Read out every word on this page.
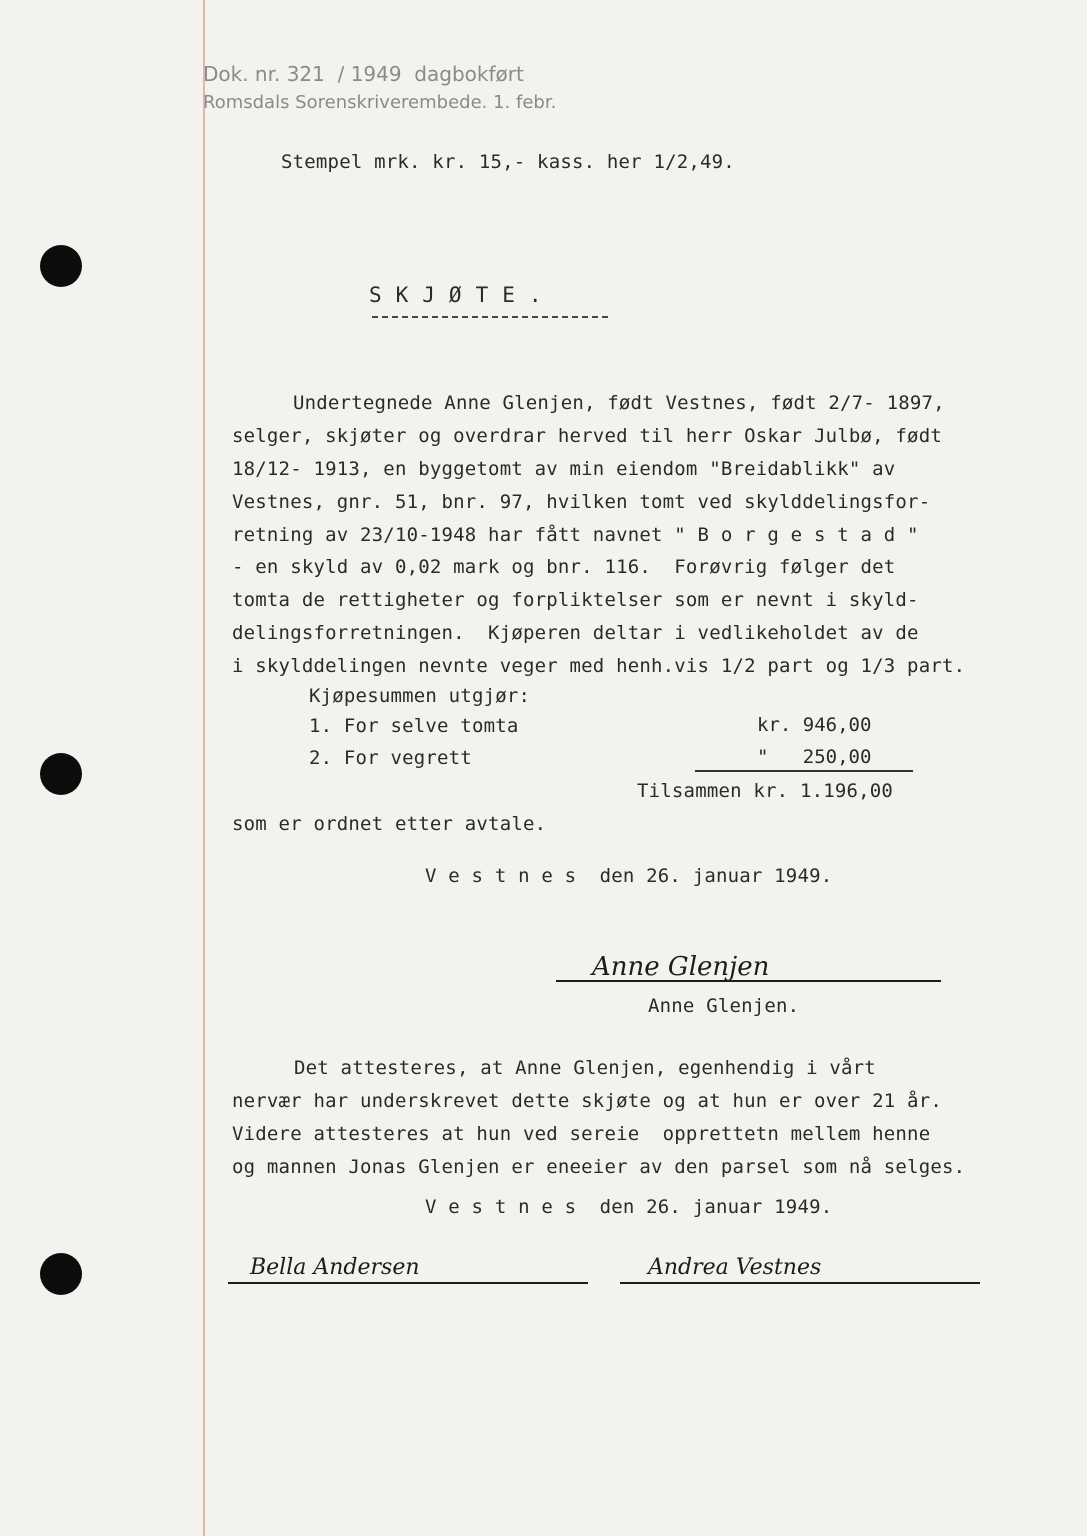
Dok. nr. 321  / 1949  dagbokført
Romsdals Sorenskriverembede. 1. febr.
Stempel mrk. kr. 15,- kass. her 1/2,49.
SKJØTE.
Undertegnede Anne Glenjen, født Vestnes, født 2/7- 1897,
selger, skjøter og overdrar herved til herr Oskar Julbø, født
18/12- 1913, en byggetomt av min eiendom "Breidablikk" av
Vestnes, gnr. 51, bnr. 97, hvilken tomt ved skylddelingsfor-
retning av 23/10-1948 har fått navnet " B o r g e s t a d "
- en skyld av 0,02 mark og bnr. 116.  Forøvrig følger det
tomta de rettigheter og forpliktelser som er nevnt i skyld-
delingsforretningen.  Kjøperen deltar i vedlikeholdet av de
i skylddelingen nevnte veger med henh.vis 1/2 part og 1/3 part.
Kjøpesummen utgjør:
1. For selve tomta	kr. 946,00
2. For vegrett	"   250,00
Tilsammen kr. 1.196,00
som er ordnet etter avtale.
V e s t n e s  den 26. januar 1949.
Anne Glenjen
Anne Glenjen.
Det attesteres, at Anne Glenjen, egenhendig i vårt
nervær har underskrevet dette skjøte og at hun er over 21 år.
Videre attesteres at hun ved sereie  opprettetn mellem henne
og mannen Jonas Glenjen er eneeier av den parsel som nå selges.
V e s t n e s  den 26. januar 1949.
Bella Andersen	Andrea Vestnes
